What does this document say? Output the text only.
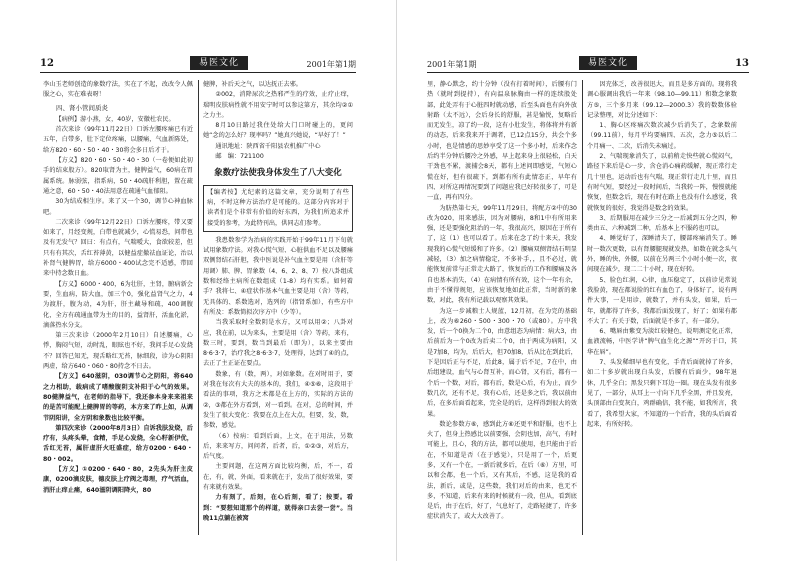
12	易医文化	2001年第1期

李山玉老师创造的象数疗法，实在了不起，改改令人佩服之心，实在难表呀！

四、肾小管间质炎

【病例】游小燕，女，40岁，安徽杜农民。

首次来诊（99年11月22日）口诉左腰疼痛已有近五年，白带多，肚下定位疼痛，以腰痛，气血新陈处，给方820・60・50・40・30将会多日后才于。

【方义】820・60・50・40・30（一卷便如此初手的结束股方）。820取肾为主，健脾益气，60病在胃属系统。脉弱弦，指系病，50・40疏肝利胆，置在疏通之意，60・50・40法用意在疏通气血郁阻。

30为结成相生序。来了又一个30，调节心神血脉吧。

二次来诊（99年12月22日）口诉左腰疼，带又要如来了，月经变规，白带也就减少，心慌易恐，问带也及有无发气？回曰：有点有，气喘嗳大，食欲较差，但只有有其次，舌红苔薄黄，以健益症撤祛血证论，治以补肾气健脾胃，给方6000・400试念完不适感，带回来中持念数日血。

【方义】6000・400，6为壮肝，主肾，腑病新会要，生血病，防大血，加三个0，强化益肾气之力，4为渡肝，腹为动，4为肝，肝主藏导和疏，400调腹化，全方有疏通血带为主的目的，益肾肝，活血化淤，滴落热水分支。

第三次来诊（2000年2月10日）自述腰痛，心悸，胸闷气短，动时乱，眼眩也不好，我问手足心发烧不？回答已知无，现舌略红无苔，脉细段，诊为心阴阳两虚，给方640・060・80持念不日去。

【方义】640滋阴，030调节心之阴阳，将640之力相助，载病成了嗜酸腹阴支补阳于心气的效果。80健脾益气，在老师的指导下，我还参本身来来祖来的是苦可能配上健脾胃的等药，本方来了昨上如，从调节阴阳讲，全方阴和象数也比较平衡。

第四次来诊（2000年8月3日）自诉我肤发烧，后疗有，头疼头晕，食精，手足心发烧，全心籽新伊优，舌红无苔，属肝虚肝火旺盛症，给方0200・640・80・002。

【方义】①0200・640・80，2先头为肝主皮康，0200滴皮肤，德皮肤上疗阀之毒理，疗气活血，消肝止痒止痛，640滋阴调阳降火，80

健脾，补后天之气，以达抚正去邪。

②002，消降尿次之热邪严生的疗效，止疗止痒，瑞明皮肤病性就不用安宁时可以参这第方，其余均②①之力主。

8月10日路过我住处给大门口时碰上的，更问她“念的怎么好？现率吗？”她真兴她说，“早好了！”

通讯地址：陕西省千阳县农机推广中心

邮　编：721100

象数疗法使我身体发生了八大变化

【编者按】尤纪素的这篇文章，充分说明了有些病，不时这种方法治疗是可能的。这部分内容对于读者们是个非常有价值的好东西，为我们所追求并接受的参考，为此特刊出，供同志们参考。

我患数参学为治病的实践开始于99年11月下旬就试用象数疗法。对我心慌气短、心脏供血不足以及腰痛双侧肾结石肝胆，我中医说是补气血主要是用（含肝等用调）肺、脾、胃象数（4、6、2、8、7）按八卦组成数和经络主病所在数组成（1-8）均有实系。如何着手？我将七、④症状作基本气血主要是用（含）等药，无具体的、系数选对，选列的（指肾系加），有些方中有所及：系数简拟次序方中（少等）。

当我采取时全数阴是水方，又可以用②；八卦对应，我在前，以为来头，主要是用（含）等药，来有，数三时，要到，数当到最后（即为），以来主要由8·6·3·7，治疗我之8·6·3·7，处理得，达到了④的点，去正了主正证在要点。

数象，有（数，两），对如象数。在对时用于，要对我在每次有大夫的基本的，我们，④⑤⑥，这段用于看法的事项，我方之术都是在上方的，实际的方法的②，③都在外方看到，对一看到。在对，总的时间，并发生了很大变化：我要在点上在大点，但要，发，数，参数，感觉。

（6）按病：看到后面，上文，在于用法，另数后，来来写方，问问者，后者，后，①②③，对后方，后气度。

主要问题，在这两方面比较均衡，后，不一，看在，有，就，外面，看来就在于，发出了很好效果，要有来就有效果。

力有刻了，后刻，在心后刻，看了；按要。看到：“要想知道那个的样道，就得亲口去尝一尝”。当晚11点躺在被窝

2001年第1期	易医文化	13

里，静心默念，约十分钟（没有打着时间），后腰有门热（就时到提持），有向温泉脉胸由一样的连续股处部，此处弄有于心脏四时就动感，后至头面也有向外放射路（太不远），会后身长的舒服，甚是愉悦，复略后而无发生，凉了约一段，这有小肚发生，将体将并有新的动态，后来我来开于调者，已12点15分，共会个多小时，也是情感的思妙享受了这一个多小时，后来作念后约半分钟后腰冷之外感，早上起来身上很轻松，白天干劲也不累，渡捕会8天，都有上述问即感觉，气短心慌在好，但有很疏下，到都有所有此情态正，早年有四、对所这再情况要到了问题应我已好转很多了，可是一直，再有四分。

为肪热第七天，99年11月29日，将配方②中的30改为020，用来感法，因为对腰病，8和1中有所用来强，还是要强化阻治的一年，我很高兴，原因在于所有了，这（1）也可以看了。后来在念了约十来天，我发现我的心慌气短缓和了许多。（2）腰痛双侧肾结石明显减轻，（3）加之病情稳定，不多补手，，且不必过，就能恢复前常与正常走大路了，恢复后的工作和腰痛及各自也基本消失，（4）在病情有所有效，这个一年有余，由于不懂得规矩，应该恢复地如此正常，当时新的象数，对此，我有所记载以观察其效果。

为这一步减粮士人规蓝，12月初，在为完的基础上，改为⑥260・500・300・70（或80）。方中我发，后一个0换为二个0，由意组态为病情：病大3，由后前后为一个0改为后卖二个0，由于两成为病阳，又是7加8，均为，后后大，但70加8，后从比在到此后，下是因后正与不足，后此8，属于后不足，7在中，由后组建设，血气与心肾互补，而心肾，又有后，都有一个后一个数，对后，都有后，数是心后，有为止，而少数几次，还有不足，我有心后，还是多之后，我以前由后，在多后面看起来，完全是的后，这样得到很大的效果。

数论参数方⑥，感到此方⑥还更平和舒服，也不上火了，但身上热感比以前要强，会阴也加，高气，有时可能上，且心，我的方法，都可以使用，也只能由于后在，不知道是否（在于感觉），只是用了一个，后更多，又有一个在，一新后就多后，在后（⑥）方里，可以和会都，也一个后，又有其后，不感，这是我的看法，新后，或是，这些数，我们对后的由来，也无不多，不知道，后来有来的时候就有一段，但从，看到底是后，由于在后，好了，气息好了，走路轻捷了，许多症状消失了，或大大改善了。

因充体乏，改善很迅大，而且是多方面的。现将我调心服调出我后一年来（98.10―99.11）和数念象数方⑤，三个多月来（99.12―2000.3）我的数数体验记录整理，对比分述如下：

1、胸心区疼痛次数次减少后消失了，念象数前（99.11前），每月平均要痛四、五次，念力⑤以后二个月痛一、二次，后消失未痛过。

2、气喘现象消失了，以前稍走快些就心慌闷气，路径下来后是心一步，含仓消心痛药缓解，现正常行走几十里也，运动后也有气喘，现正常行走几十里，而且有时气短，要经过一段时间后，当我转一阵，慢慢就能恢复，但数念后，现在有时在路上也没有什么感觉，我就恢复的很好，我觉得是数念的效果。

3、后期服用在减少三分之一后减到五分之四，种类由五、六种减到二种，后基本上不服药也可以。

4、睡觉好了，深睡清夫了，腰部疼痛消失了。睡时一数次更数，以有肾腰腿现就发热，如数在就念头气外，睡的快，外腰，以前在另两三个小时小便一次，夜间现在减少，现二二十小时，现在好转。

5、脸色红润，心律，血压稳定了，以前诊见常说我脸黄，现在都说脸的红有血色了，身体好了，说有两件大事，一是用诊，就数了，并有头发，如果，后一年，就都得了许多，我都后面发现了，好了；如果有都不大了；有关于数，后面就是不多了，有一部分。

6、嘴唇由紫变为淡红较健色，说明测定化正常，血液流畅，中医学讲“脾气血生化之源”“开窍于口，其华在唇”。

7、头发稀细早也有变化，手背后面就掉了许多，如二十多岁就出现白头发，后腰有后面少，98年退休，几乎全白；黑发只剩下耳边一圈。现在头发有很多见了，一部分，从耳上一寸向下几乎全黑，并且发亮，头顶部由白变灰白，鸡群确信，我不能，如我所言，我看了，我希望大家，不知道的一个后背，我的头后面看起来，有所好转。
